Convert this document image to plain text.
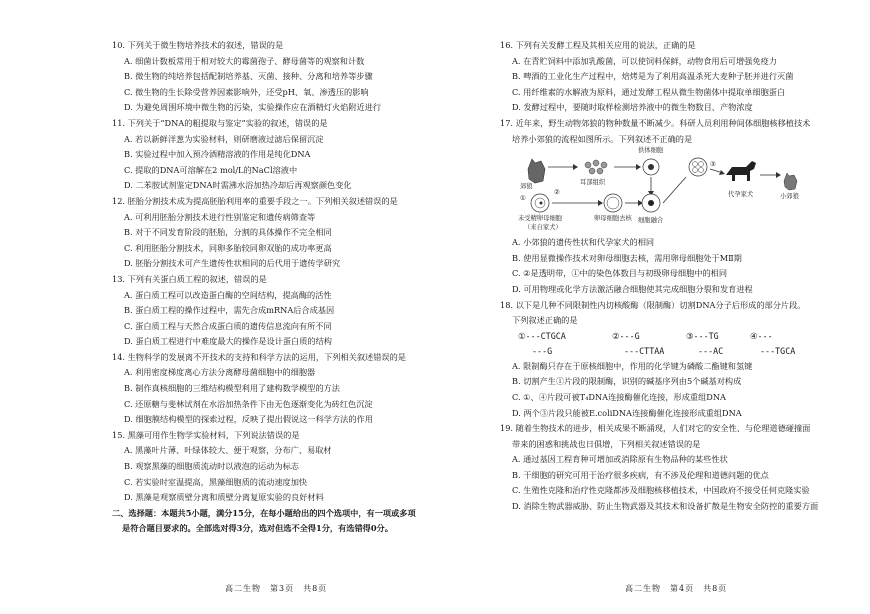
10. 下列关于微生物培养技术的叙述，错误的是
A. 细菌计数板常用于相对较大的霉菌孢子、酵母菌等的观察和计数
B. 微生物的纯培养包括配制培养基、灭菌、接种、分离和培养等步骤
C. 微生物的生长除受营养因素影响外，还受pH、氧、渗透压的影响
D. 为避免周围环境中微生物的污染，实验操作应在酒精灯火焰附近进行
11. 下列关于“DNA的粗提取与鉴定”实验的叙述，错误的是
A. 若以新鲜洋葱为实验材料，则研磨液过滤后保留沉淀
B. 实验过程中加入预冷酒精溶液的作用是纯化DNA
C. 提取的DNA可溶解在2 mol/L的NaCl溶液中
D. 二苯胺试剂鉴定DNA时需沸水浴加热冷却后再观察颜色变化
12. 胚胎分割技术成为提高胚胎利用率的重要手段之一。下列相关叙述错误的是
A. 可利用胚胎分割技术进行性别鉴定和遗传病筛查等
B. 对于不同发育阶段的胚胎，分割的具体操作不完全相同
C. 利用胚胎分割技术，同卵多胎较同卵双胎的成功率更高
D. 胚胎分割技术可产生遗传性状相同的后代用于遗传学研究
13. 下列有关蛋白质工程的叙述，错误的是
A. 蛋白质工程可以改造蛋白酶的空间结构，提高酶的活性
B. 蛋白质工程的操作过程中，需先合成mRNA后合成基因
C. 蛋白质工程与天然合成蛋白质的遗传信息流向有所不同
D. 蛋白质工程进行中难度最大的操作是设计蛋白质的结构
14. 生物科学的发展离不开技术的支持和科学方法的运用，下列相关叙述错误的是
A. 利用密度梯度离心方法分离酵母菌细胞中的细胞器
B. 制作真核细胞的三维结构模型利用了建构数学模型的方法
C. 还原糖与斐林试剂在水浴加热条件下由无色逐渐变化为砖红色沉淀
D. 细胞膜结构模型的探索过程，反映了提出假说这一科学方法的作用
15. 黑藻可用作生物学实验材料，下列说法错误的是
A. 黑藻叶片薄、叶绿体较大、便于观察，分布广、易取材
B. 观察黑藻的细胞质流动时以液泡的运动为标志
C. 若实验时室温提高，黑藻细胞质的流动速度加快
D. 黑藻是观察质壁分离和质壁分离复原实验的良好材料
二、选择题：本题共5小题，满分15分，在每小题给出的四个选项中，有一项或多项
是符合题目要求的。全部选对得3分，选对但选不全得1分，有选错得0分。
16. 下列有关发酵工程及其相关应用的说法，正确的是
A. 在青贮饲料中添加乳酸菌，可以使饲料保鲜，动物食用后可增强免疫力
B. 啤酒的工业化生产过程中，焙烤是为了利用高温杀死大麦种子胚并进行灭菌
C. 用纤维素的水解液为原料，通过发酵工程从微生物菌体中提取单细胞蛋白
D. 发酵过程中，要随时取样检测培养液中的微生物数目、产物浓度
17. 近年来，野生动物郊狼的物种数量不断减少。科研人员利用种间体细胞核移植技术
培养小郊狼的流程如图所示。下列叙述不正确的是
郊狼
耳部组织
供体细胞
①
②
③
未受精卵母细胞
（来自家犬）
卵母细胞去核 细胞融合
代孕家犬	小郊狼
A. 小郊狼的遗传性状和代孕家犬的相同
B. 使用显微操作技术对卵母细胞去核，需用卵母细胞处于MⅡ期
C. ②是透明带，①中的染色体数目与初级卵母细胞中的相同
D. 可用物理或化学方法激活融合细胞使其完成细胞分裂和发育进程
18. 以下是几种不同限制性内切核酸酶（限制酶）切割DNA分子后形成的部分片段。
下列叙述正确的是
①---CTGCA	②---G	③---TG	④---
---G	---CTTAA	---AC	---TGCA
A. 限制酶只存在于原核细胞中，作用的化学键为磷酸二酯键和氢键
B. 切割产生①片段的限制酶，识别的碱基序列由5个碱基对构成
C. ①、④片段可被T₄DNA连接酶催化连接，形成重组DNA
D. 两个③片段只能被E.coliDNA连接酶催化连接形成重组DNA
19. 随着生物技术的进步，相关成果不断涌现，人们对它的安全性、与伦理道德碰撞面
带来的困惑和挑战也日俱增，下列相关叙述错误的是
A. 通过基因工程育种可增加或消除原有生物品种的某些性状
B. 干细胞的研究可用于治疗很多疾病，有不涉及伦理和道德问题的优点
C. 生殖性克隆和治疗性克隆都涉及细胞核移植技术，中国政府不接受任何克隆实验
D. 消除生物武器威胁、防止生物武器及其技术和设备扩散是生物安全防控的重要方面
高二生物　第3页　共8页	高二生物　第4页　共8页
